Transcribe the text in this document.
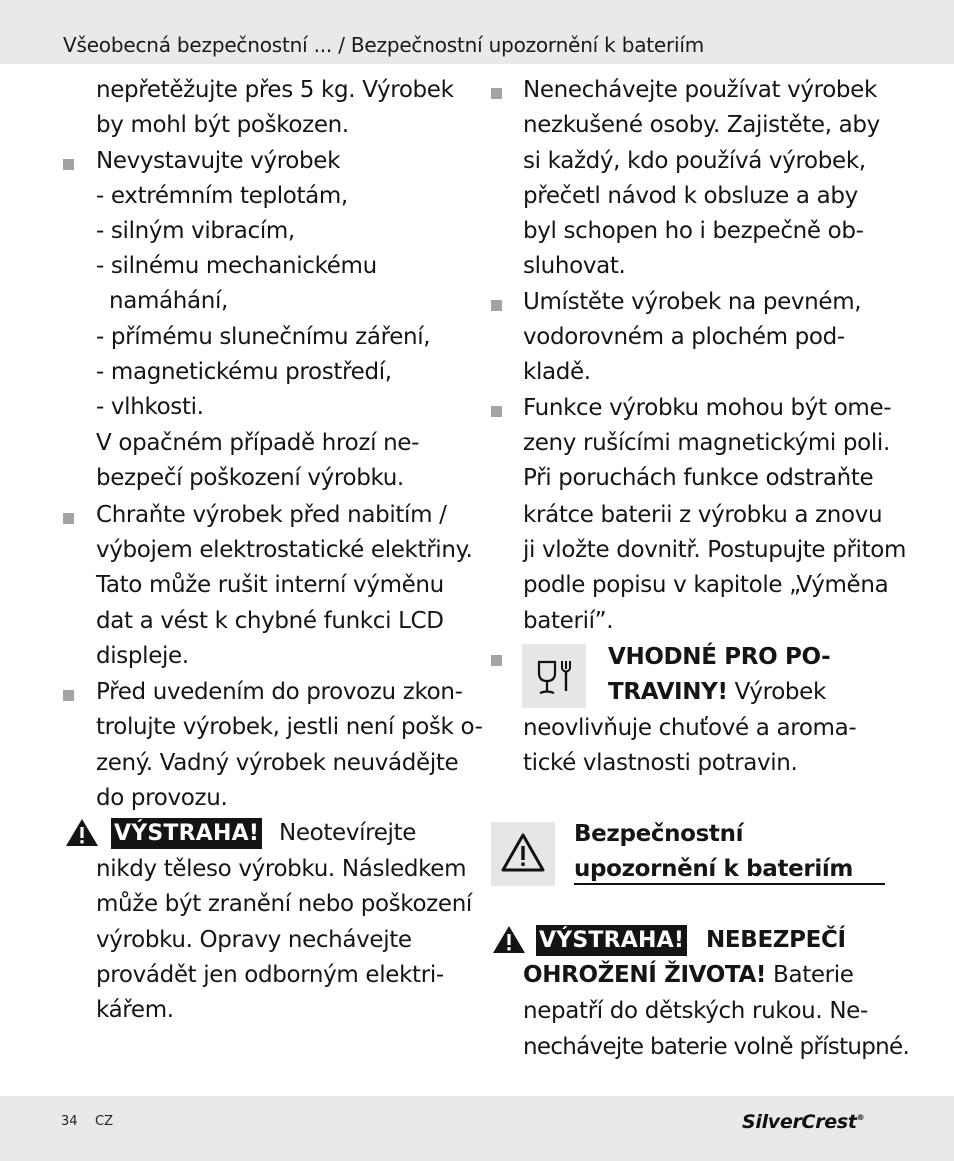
Všeobecná bezpečnostní ... / Bezpečnostní upozornění k bateriím
nepřetěžujte přes 5 kg. Výrobek
by mohl být poškozen.
Nevystavujte výrobek
- extrémním teplotám,
- silným vibracím,
- silnému mechanickému
namáhání,
- přímému slunečnímu záření,
- magnetickému prostředí,
- vlhkosti.
V opačném případě hrozí ne-
bezpečí poškození výrobku.
Chraňte výrobek před nabitím /
výbojem elektrostatické elektřiny.
Tato může rušit interní výměnu
dat a vést k chybné funkci LCD
displeje.
Před uvedením do provozu zkon-
trolujte výrobek, jestli není pošk o-
zený. Vadný výrobek neuvádějte
do provozu.
VÝSTRAHA! Neotevírejte
nikdy těleso výrobku. Následkem
může být zranění nebo poškození
výrobku. Opravy nechávejte
provádět jen odborným elektri-
kářem.
Nenechávejte používat výrobek
nezkušené osoby. Zajistěte, aby
si každý, kdo používá výrobek,
přečetl návod k obsluze a aby
byl schopen ho i bezpečně ob-
sluhovat.
Umístěte výrobek na pevném,
vodorovném a plochém pod-
kladě.
Funkce výrobku mohou být ome-
zeny rušícími magnetickými poli.
Při poruchách funkce odstraňte
krátce baterii z výrobku a znovu
ji vložte dovnitř. Postupujte přitom
podle popisu v kapitole „Výměna
baterií”.
VHODNÉ PRO PO-
TRAVINY! Výrobek
neovlivňuje chuťové a aroma-
tické vlastnosti potravin.
Bezpečnostní
upozornění k bateriím
VÝSTRAHA! NEBEZPEČÍ
OHROŽENÍ ŽIVOTA! Baterie
nepatří do dětských rukou. Ne-
nechávejte baterie volně přístupné.
34 CZ	SilverCrest®
